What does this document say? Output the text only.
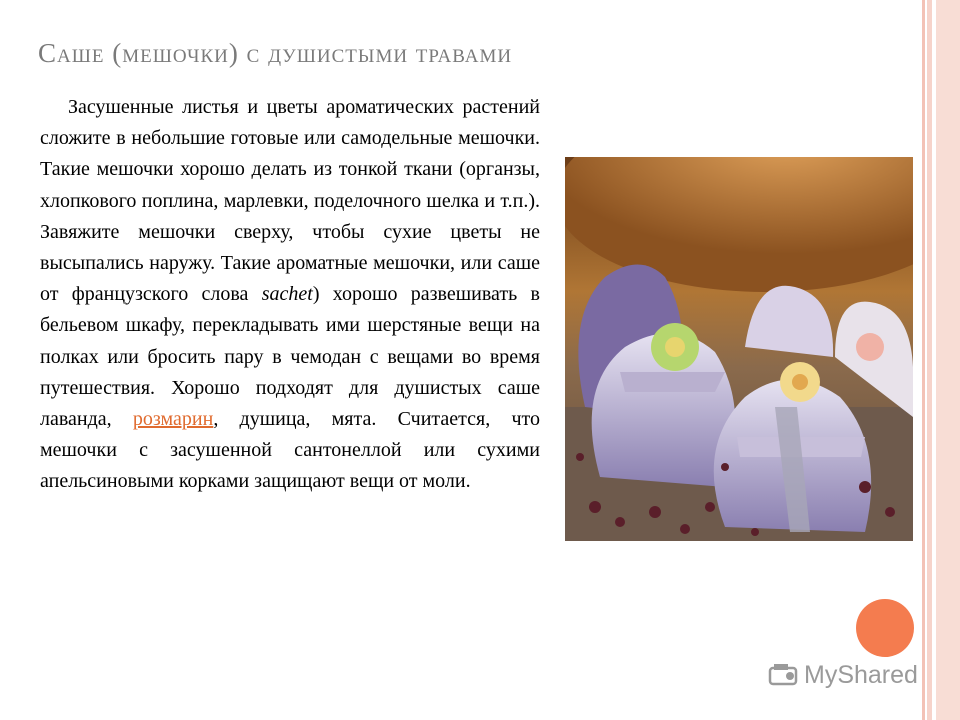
Саше (мешочки) с душистыми травами
Засушенные листья и цветы ароматических растений сложите в небольшие готовые или самодельные мешочки. Такие мешочки хорошо делать из тонкой ткани (органзы, хлопкового поплина, марлевки, поделочного шелка и т.п.). Завяжите мешочки сверху, чтобы сухие цветы не высыпались наружу. Такие ароматные мешочки, или саше от французского слова sachet) хорошо развешивать в бельевом шкафу, перекладывать ими шерстяные вещи на полках или бросить пару в чемодан с вещами во время путешествия. Хорошо подходят для душистых саше лаванда, розмарин, душица, мята. Считается, что мешочки с засушенной сантонеллой или сухими апельсиновыми корками защищают вещи от моли.
MyShared
